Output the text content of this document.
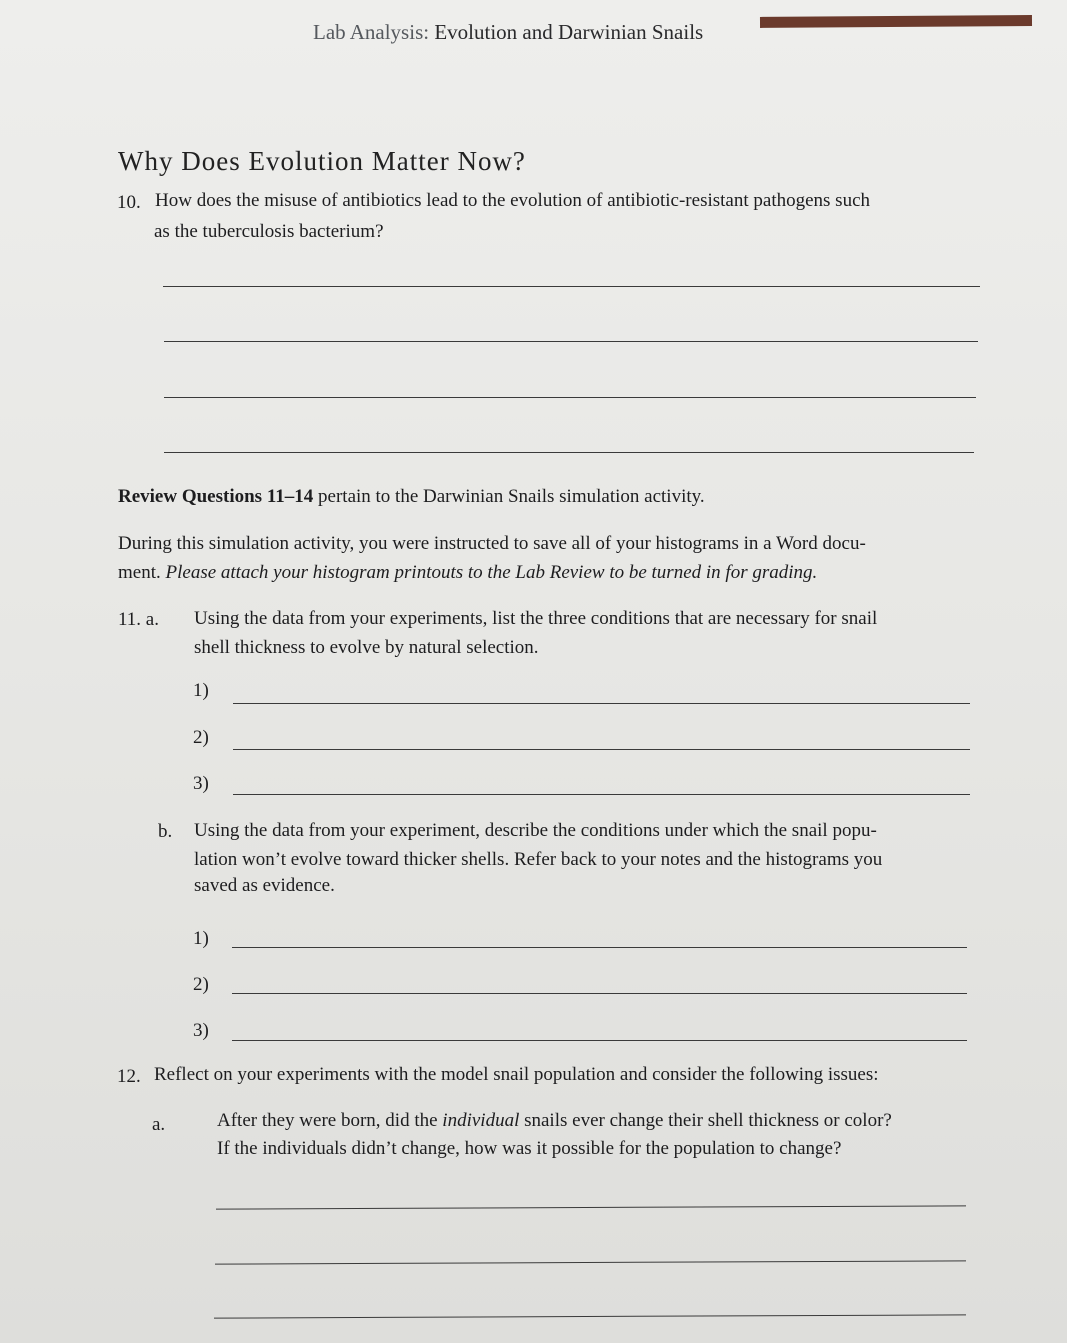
Lab Analysis: Evolution and Darwinian Snails
Why Does Evolution Matter Now?
10. How does the misuse of antibiotics lead to the evolution of antibiotic-resistant pathogens such
as the tuberculosis bacterium?
Review Questions 11–14 pertain to the Darwinian Snails simulation activity.
During this simulation activity, you were instructed to save all of your histograms in a Word docu-
ment. Please attach your histogram printouts to the Lab Review to be turned in for grading.
11. a. Using the data from your experiments, list the three conditions that are necessary for snail
shell thickness to evolve by natural selection.
1)
2)
3)
b. Using the data from your experiment, describe the conditions under which the snail popu-
lation won’t evolve toward thicker shells. Refer back to your notes and the histograms you
saved as evidence.
1)
2)
3)
12. Reflect on your experiments with the model snail population and consider the following issues:
a.	After they were born, did the individual snails ever change their shell thickness or color?
If the individuals didn’t change, how was it possible for the population to change?
